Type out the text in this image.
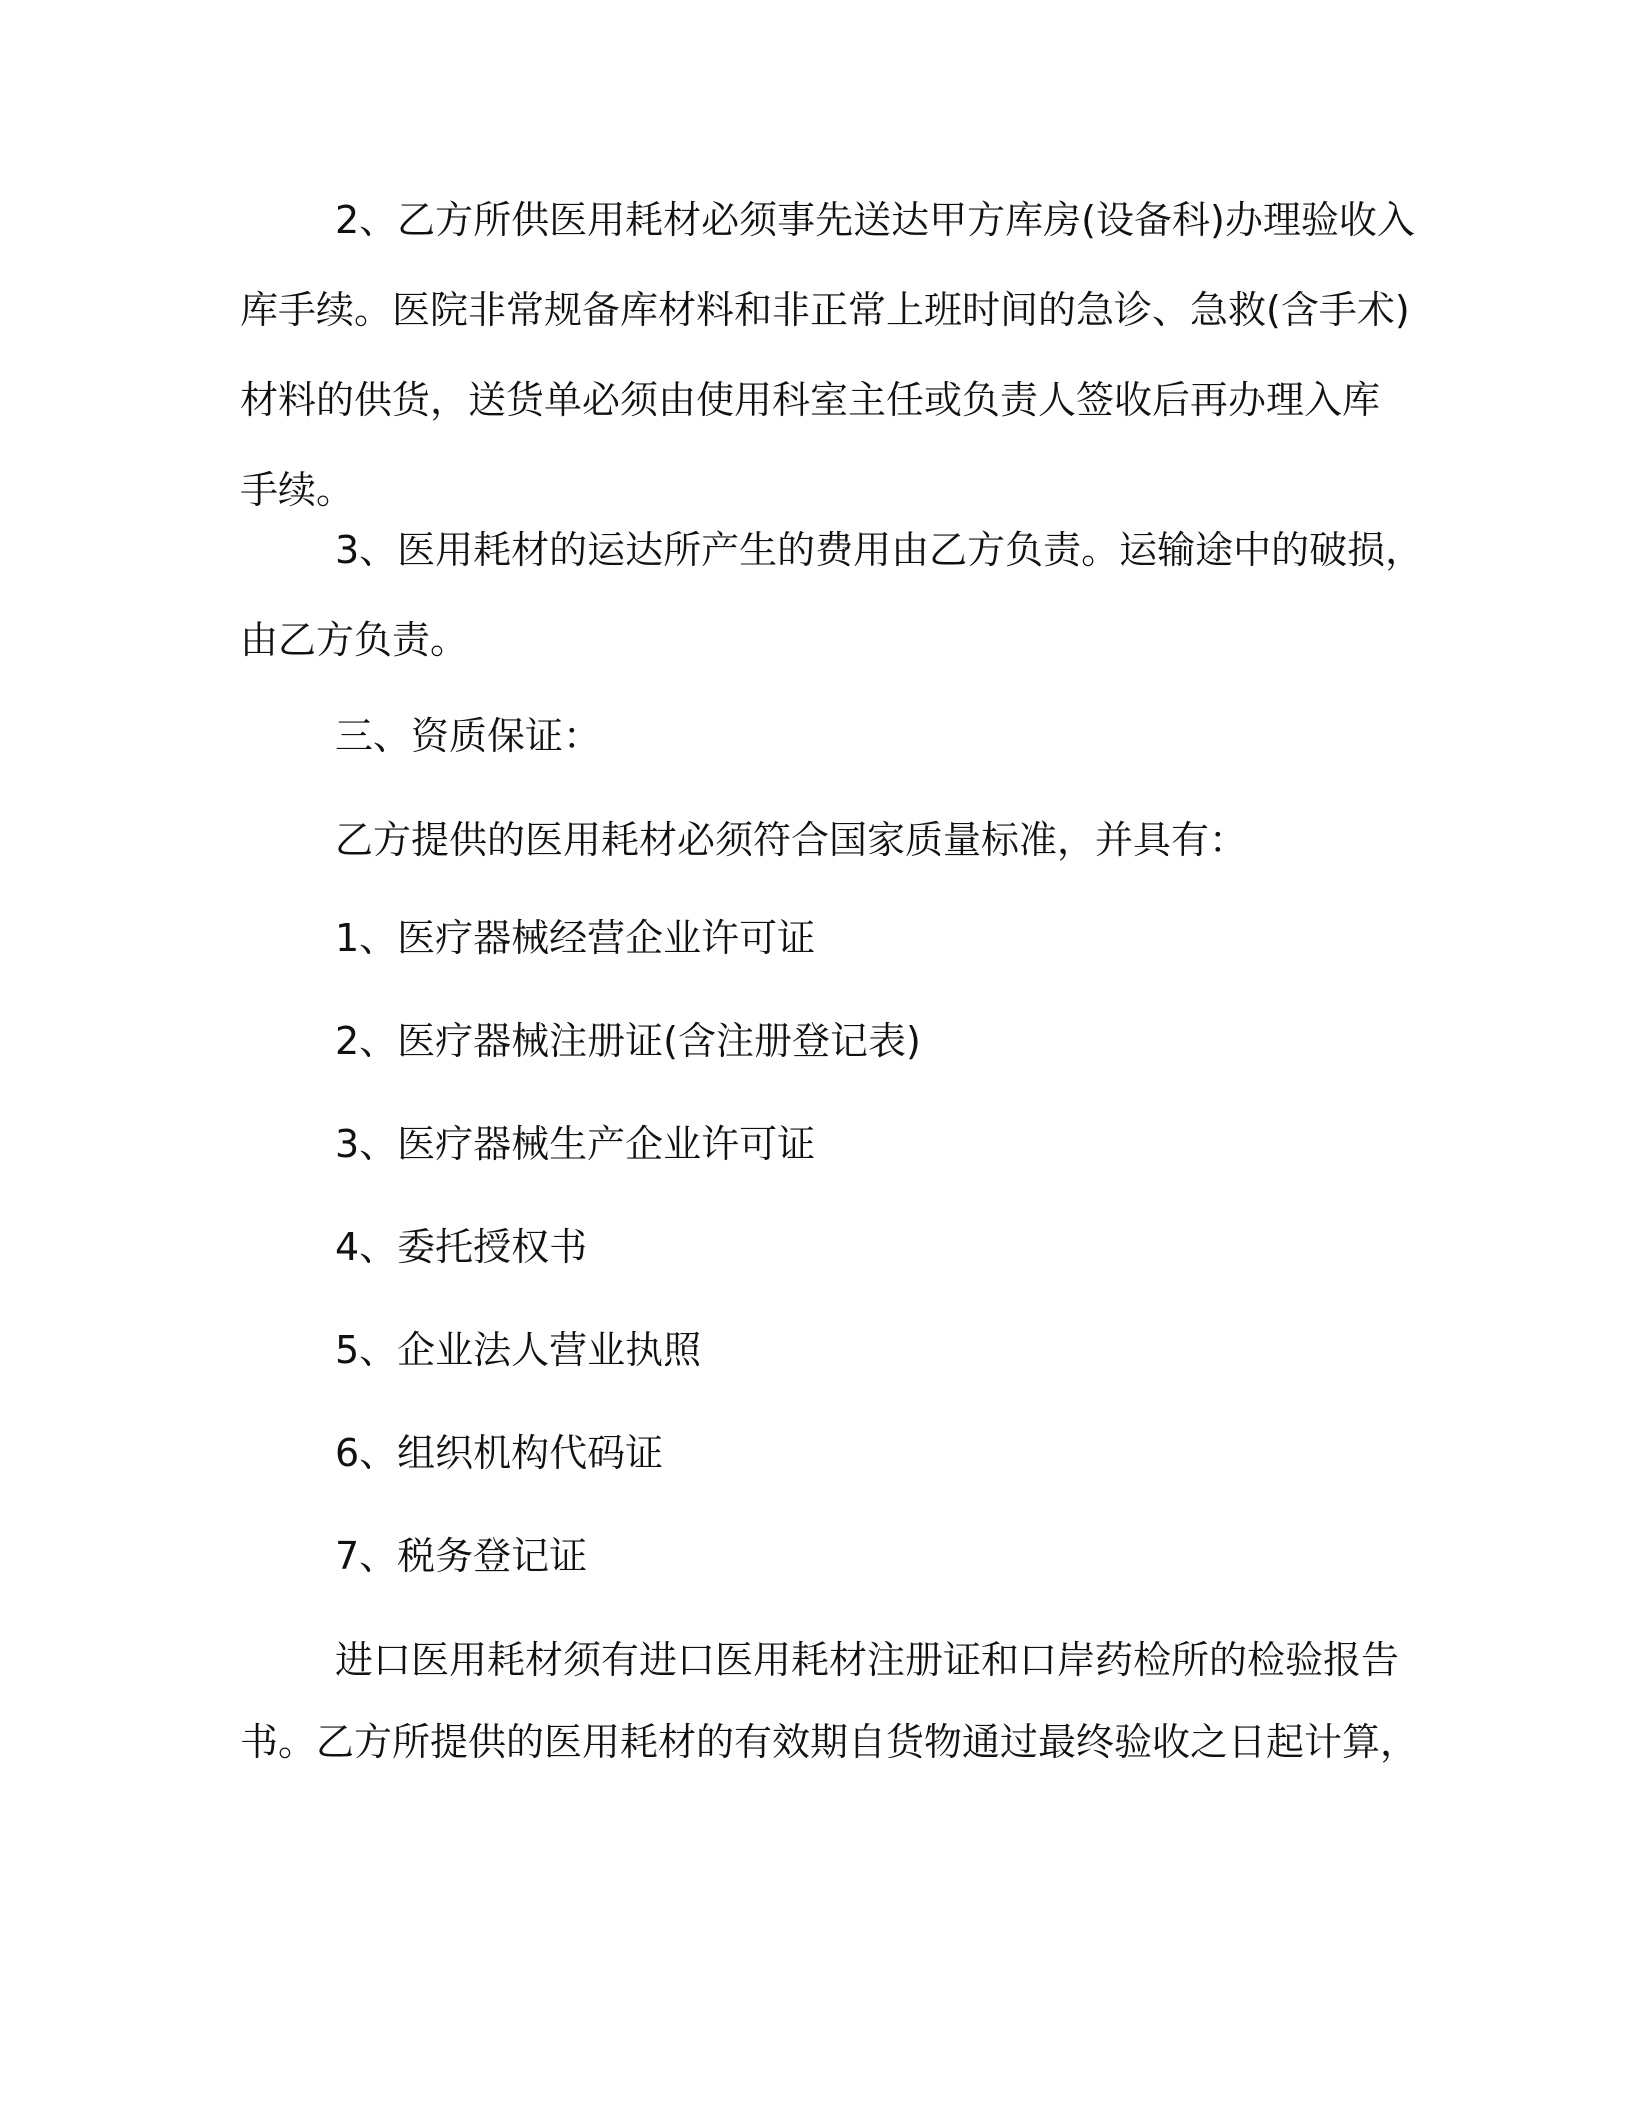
2、乙方所供医用耗材必须事先送达甲方库房(设备科)办理验收入
库手续。医院非常规备库材料和非正常上班时间的急诊、急救(含手术)
材料的供货，送货单必须由使用科室主任或负责人签收后再办理入库
手续。
3、医用耗材的运达所产生的费用由乙方负责。运输途中的破损，
由乙方负责。
三、资质保证：
乙方提供的医用耗材必须符合国家质量标准，并具有：
1、医疗器械经营企业许可证
2、医疗器械注册证(含注册登记表)
3、医疗器械生产企业许可证
4、委托授权书
5、企业法人营业执照
6、组织机构代码证
7、税务登记证
进口医用耗材须有进口医用耗材注册证和口岸药检所的检验报告
书。乙方所提供的医用耗材的有效期自货物通过最终验收之日起计算，
